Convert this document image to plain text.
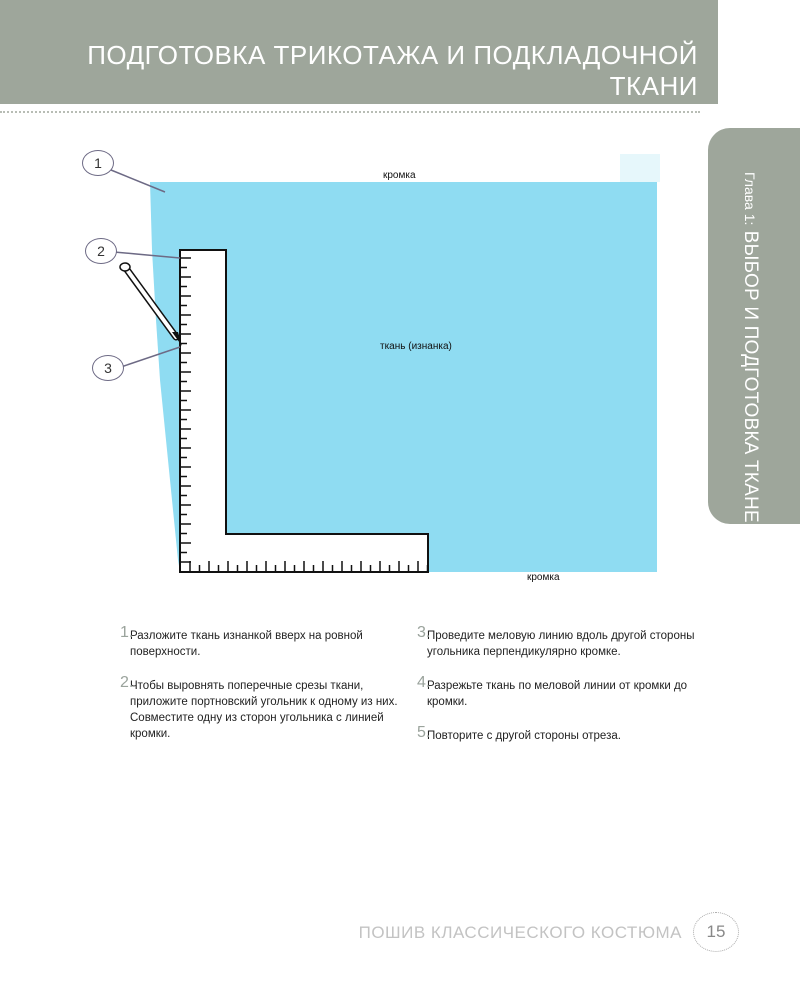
ПОДГОТОВКА ТРИКОТАЖА И ПОДКЛАДОЧНОЙ ТКАНИ
Глава 1: ВЫБОР И ПОДГОТОВКА ТКАНЕЙ
1
2
3
кромка
ткань (изнанка)
кромка
1.
Разложите ткань изнанкой вверх на ровной поверхности.
2.
Чтобы выровнять поперечные срезы ткани, приложите портновский угольник к одному из них. Совместите одну из сторон угольника с линией кромки.
3.
Проведите меловую линию вдоль другой стороны угольника перпендикулярно кромке.
4.
Разрежьте ткань по меловой линии от кромки до кромки.
5.
Повторите с другой стороны отреза.
ПОШИВ КЛАССИЧЕСКОГО КОСТЮМА	15
